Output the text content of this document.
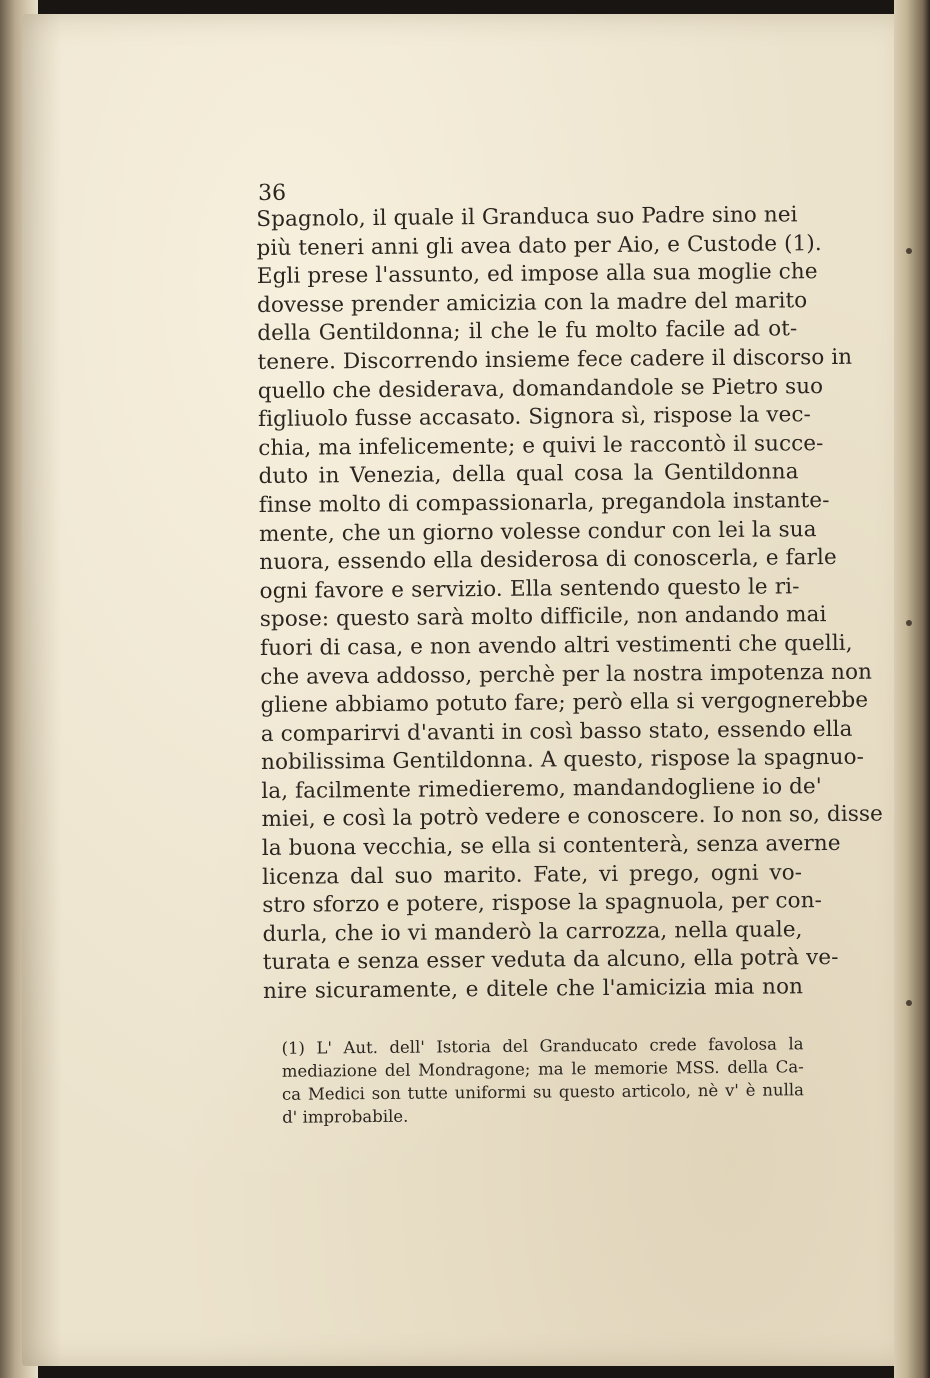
36
Spagnolo, il quale il Granduca suo Padre sino nei
più teneri anni gli avea dato per Aio, e Custode (1).
Egli prese l'assunto, ed impose alla sua moglie che
dovesse prender amicizia con la madre del marito
della Gentildonna; il che le fu molto facile ad ot-
tenere. Discorrendo insieme fece cadere il discorso in
quello che desiderava, domandandole se Pietro suo
figliuolo fusse accasato. Signora sì, rispose la vec-
chia, ma infelicemente; e quivi le raccontò il succe-
duto in Venezia, della qual cosa la Gentildonna
finse molto di compassionarla, pregandola instante-
mente, che un giorno volesse condur con lei la sua
nuora, essendo ella desiderosa di conoscerla, e farle
ogni favore e servizio. Ella sentendo questo le ri-
spose: questo sarà molto difficile, non andando mai
fuori di casa, e non avendo altri vestimenti che quelli,
che aveva addosso, perchè per la nostra impotenza non
gliene abbiamo potuto fare; però ella si vergognerebbe
a comparirvi d'avanti in così basso stato, essendo ella
nobilissima Gentildonna. A questo, rispose la spagnuo-
la, facilmente rimedieremo, mandandogliene io de'
miei, e così la potrò vedere e conoscere. Io non so, disse
la buona vecchia, se ella si contenterà, senza averne
licenza dal suo marito. Fate, vi prego, ogni vo-
stro sforzo e potere, rispose la spagnuola, per con-
durla, che io vi manderò la carrozza, nella quale,
turata e senza esser veduta da alcuno, ella potrà ve-
nire sicuramente, e ditele che l'amicizia mia non
(1) L' Aut. dell' Istoria del Granducato crede favolosa la
mediazione del Mondragone; ma le memorie MSS. della Ca-
ca Medici son tutte uniformi su questo articolo, nè v' è nulla
d' improbabile.
